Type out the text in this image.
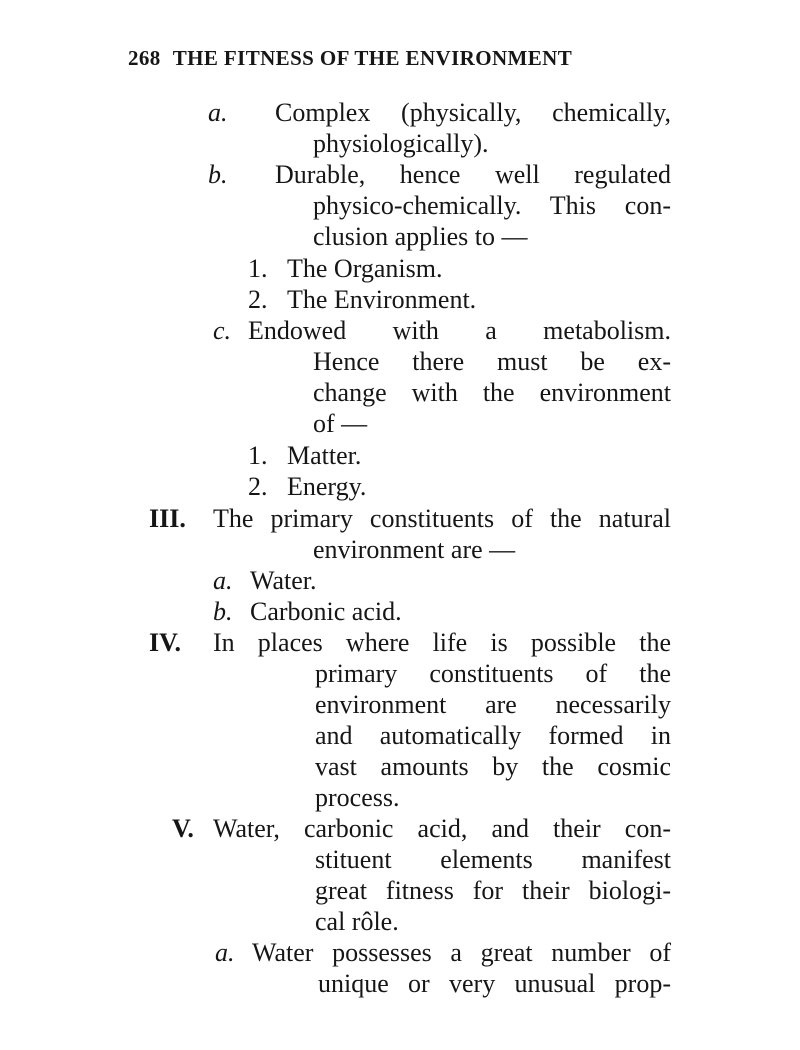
268 THE FITNESS OF THE ENVIRONMENT
a. Complex (physically, chemically,
physiologically).
b. Durable, hence well regulated
physico-chemically. This con-
clusion applies to —
1. The Organism.
2. The Environment.
c. Endowed with a metabolism.
Hence there must be ex-
change with the environment
of —
1. Matter.
2. Energy.
III. The primary constituents of the natural
environment are —
a. Water.
b. Carbonic acid.
IV. In places where life is possible the
primary constituents of the
environment are necessarily
and automatically formed in
vast amounts by the cosmic
process.
V. Water, carbonic acid, and their con-
stituent elements manifest
great fitness for their biologi-
cal rôle.
a. Water possesses a great number of
unique or very unusual prop-
